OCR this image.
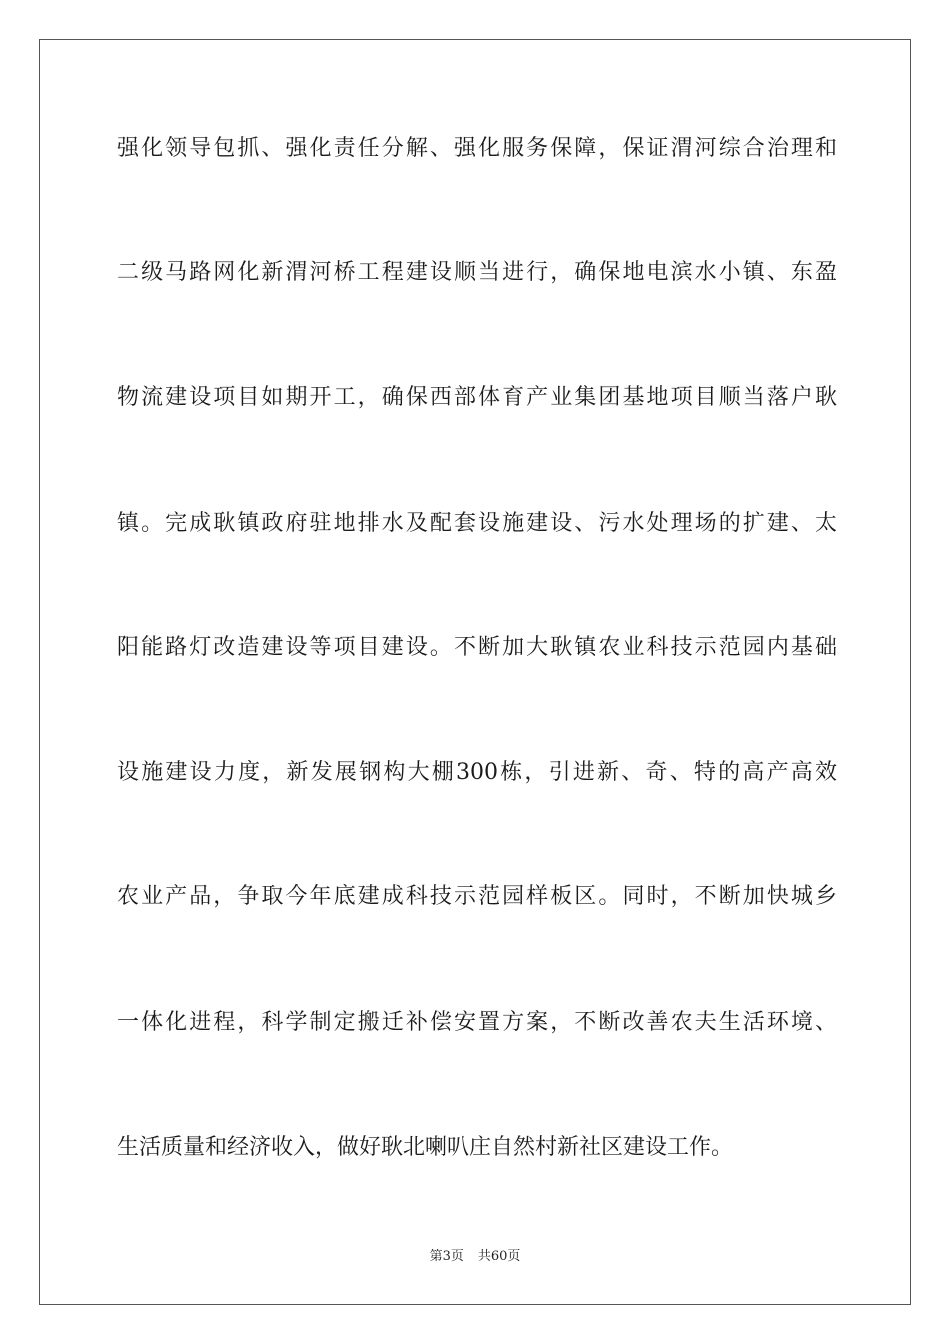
强化领导包抓、强化责任分解、强化服务保障，保证渭河综合治理和
二级马路网化新渭河桥工程建设顺当进行，确保地电滨水小镇、东盈
物流建设项目如期开工，确保西部体育产业集团基地项目顺当落户耿
镇。完成耿镇政府驻地排水及配套设施建设、污水处理场的扩建、太
阳能路灯改造建设等项目建设。不断加大耿镇农业科技示范园内基础
设施建设力度，新发展钢构大棚300栋，引进新、奇、特的高产高效
农业产品，争取今年底建成科技示范园样板区。同时，不断加快城乡
一体化进程，科学制定搬迁补偿安置方案，不断改善农夫生活环境、
生活质量和经济收入，做好耿北喇叭庄自然村新社区建设工作。
第3页 共60页
